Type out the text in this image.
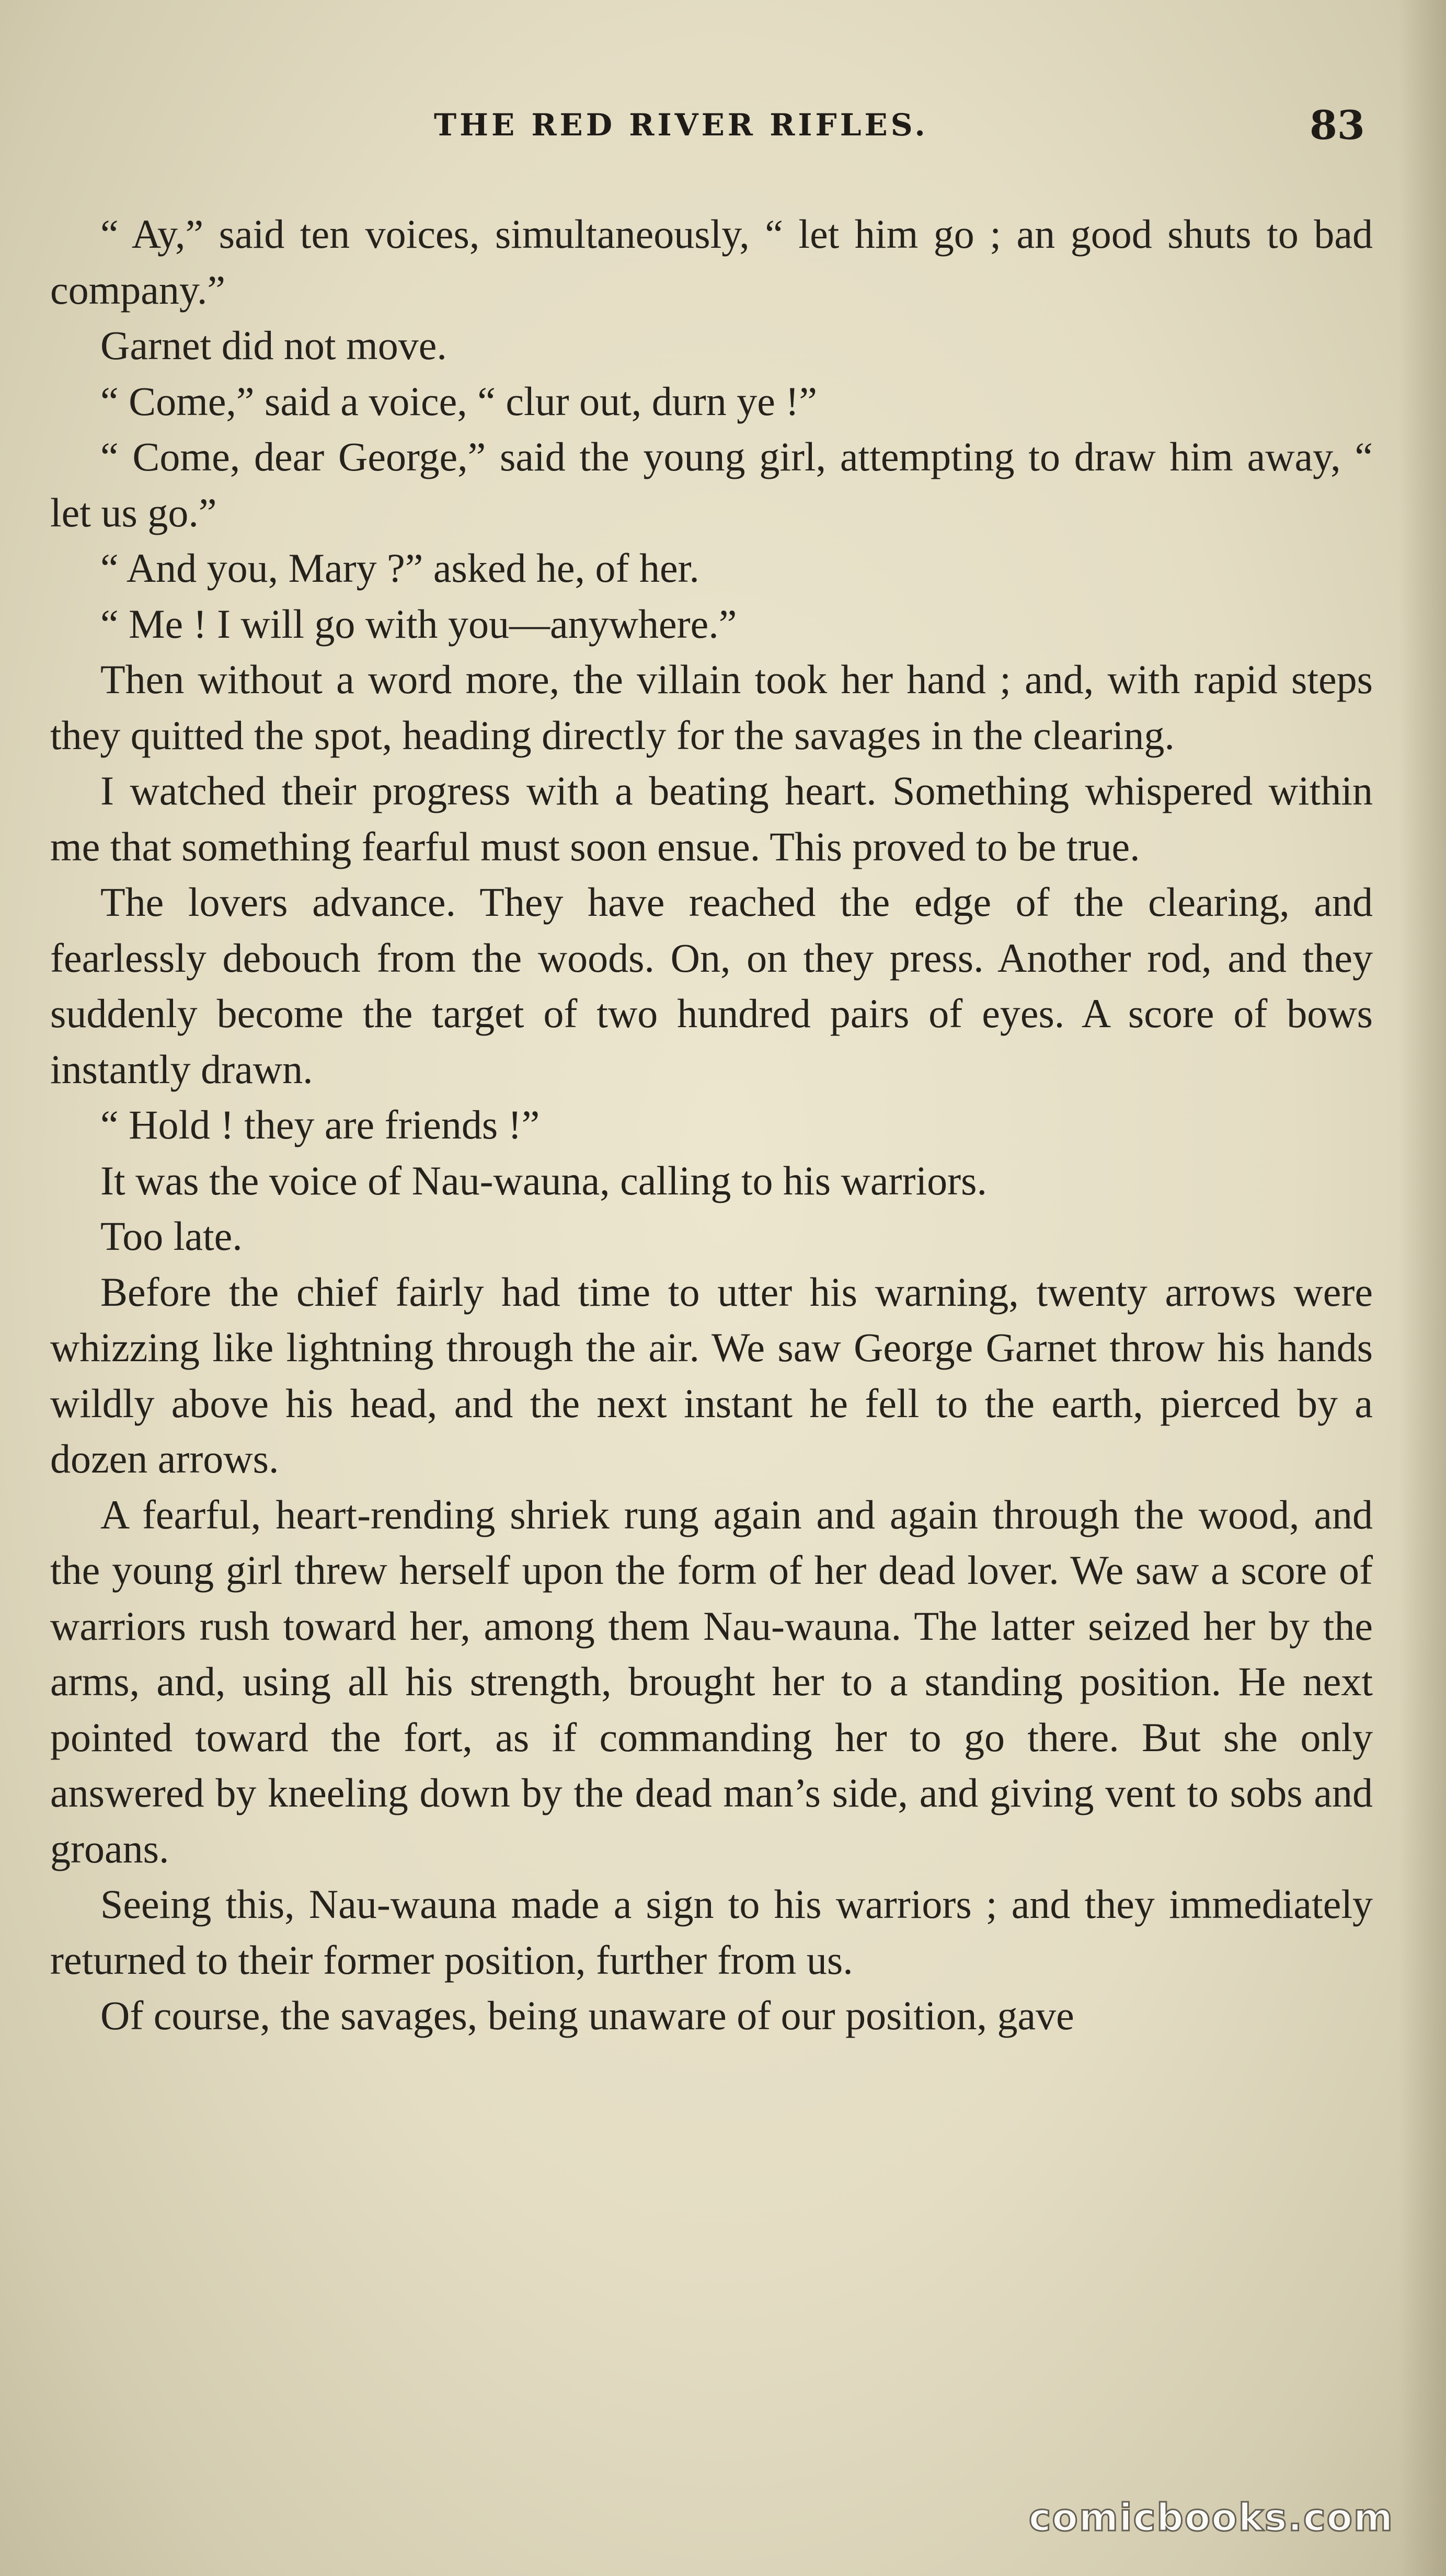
THE RED RIVER RIFLES.	83

“ Ay,” said ten voices, simultaneously, “ let him go ; an good shuts to bad company.”

Garnet did not move.

“ Come,” said a voice, “ clur out, durn ye !”

“ Come, dear George,” said the young girl, attempting to draw him away, “ let us go.”

“ And you, Mary ?” asked he, of her.

“ Me ! I will go with you—anywhere.”

Then without a word more, the villain took her hand ; and, with rapid steps they quitted the spot, heading directly for the savages in the clearing.

I watched their progress with a beating heart. Something whispered within me that something fearful must soon ensue. This proved to be true.

The lovers advance. They have reached the edge of the clearing, and fearlessly debouch from the woods. On, on they press. Another rod, and they suddenly become the target of two hundred pairs of eyes. A score of bows instantly drawn.

“ Hold ! they are friends !”

It was the voice of Nau-wauna, calling to his warriors.

Too late.

Before the chief fairly had time to utter his warning, twenty arrows were whizzing like lightning through the air. We saw George Garnet throw his hands wildly above his head, and the next instant he fell to the earth, pierced by a dozen arrows.

A fearful, heart-rending shriek rung again and again through the wood, and the young girl threw herself upon the form of her dead lover. We saw a score of warriors rush toward her, among them Nau-wauna. The latter seized her by the arms, and, using all his strength, brought her to a standing position. He next pointed toward the fort, as if commanding her to go there. But she only answered by kneeling down by the dead man’s side, and giving vent to sobs and groans.

Seeing this, Nau-wauna made a sign to his warriors ; and they immediately returned to their former position, further from us.

Of course, the savages, being unaware of our position, gave

comicbooks.com
